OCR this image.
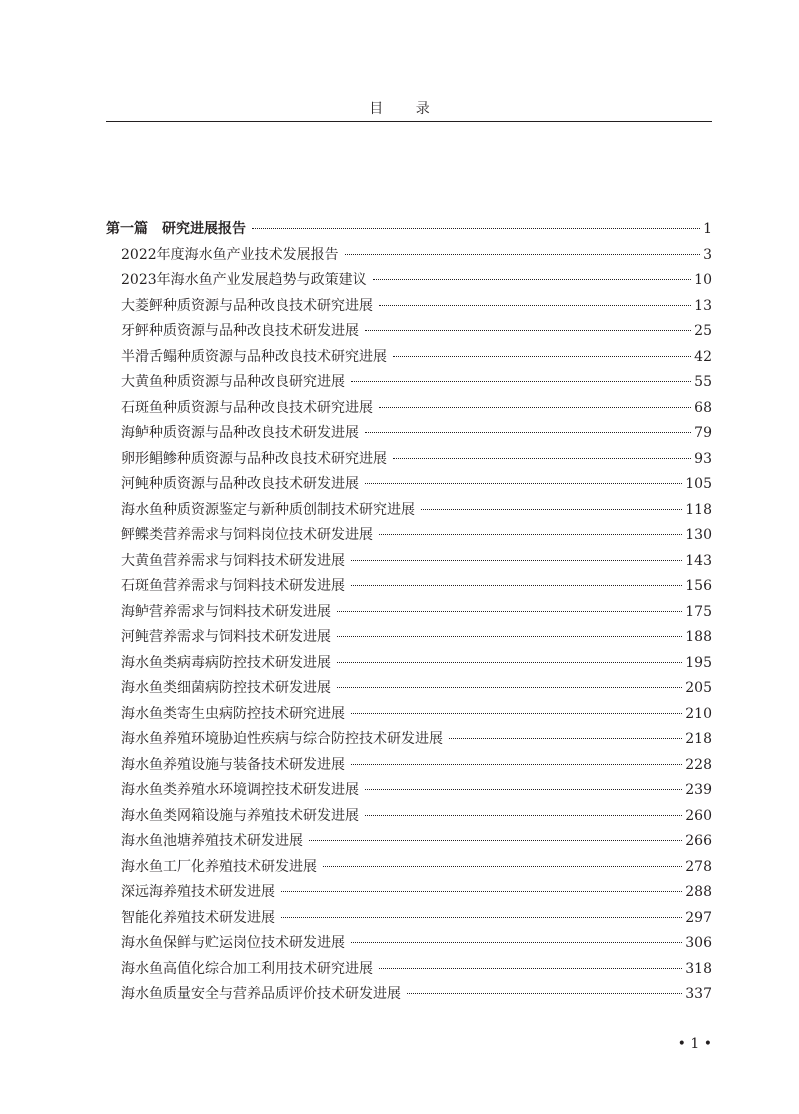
目 录
第一篇　研究进展报告	1
2022年度海水鱼产业技术发展报告	3
2023年海水鱼产业发展趋势与政策建议	10
大菱鲆种质资源与品种改良技术研究进展	13
牙鲆种质资源与品种改良技术研发进展	25
半滑舌鳎种质资源与品种改良技术研究进展	42
大黄鱼种质资源与品种改良研究进展	55
石斑鱼种质资源与品种改良技术研究进展	68
海鲈种质资源与品种改良技术研发进展	79
卵形鲳鲹种质资源与品种改良技术研究进展	93
河鲀种质资源与品种改良技术研发进展	105
海水鱼种质资源鉴定与新种质创制技术研究进展	118
鲆鲽类营养需求与饲料岗位技术研发进展	130
大黄鱼营养需求与饲料技术研发进展	143
石斑鱼营养需求与饲料技术研发进展	156
海鲈营养需求与饲料技术研发进展	175
河鲀营养需求与饲料技术研发进展	188
海水鱼类病毒病防控技术研发进展	195
海水鱼类细菌病防控技术研发进展	205
海水鱼类寄生虫病防控技术研究进展	210
海水鱼养殖环境胁迫性疾病与综合防控技术研发进展	218
海水鱼养殖设施与装备技术研发进展	228
海水鱼类养殖水环境调控技术研发进展	239
海水鱼类网箱设施与养殖技术研发进展	260
海水鱼池塘养殖技术研发进展	266
海水鱼工厂化养殖技术研发进展	278
深远海养殖技术研发进展	288
智能化养殖技术研发进展	297
海水鱼保鲜与贮运岗位技术研发进展	306
海水鱼高值化综合加工利用技术研究进展	318
海水鱼质量安全与营养品质评价技术研发进展	337
• 1 •
